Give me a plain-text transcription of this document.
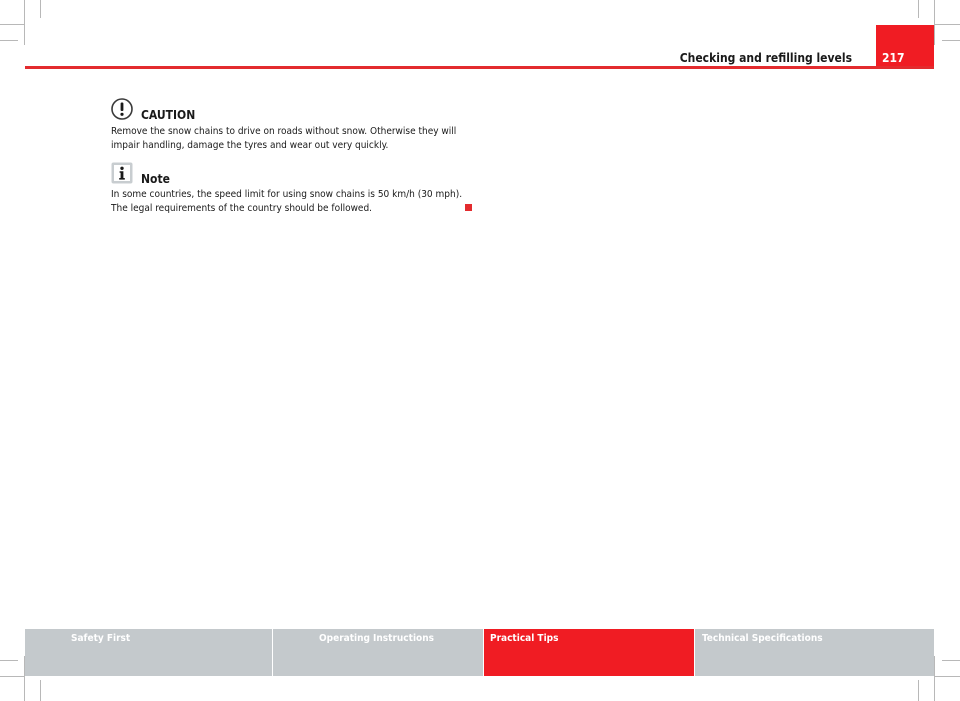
Checking and refilling levels	217
CAUTION
Remove the snow chains to drive on roads without snow. Otherwise they will impair handling, damage the tyres and wear out very quickly.
Note
In some countries, the speed limit for using snow chains is 50 km/h (30 mph). The legal requirements of the country should be followed.
Safety First	Operating Instructions	Practical Tips	Technical Specifications
